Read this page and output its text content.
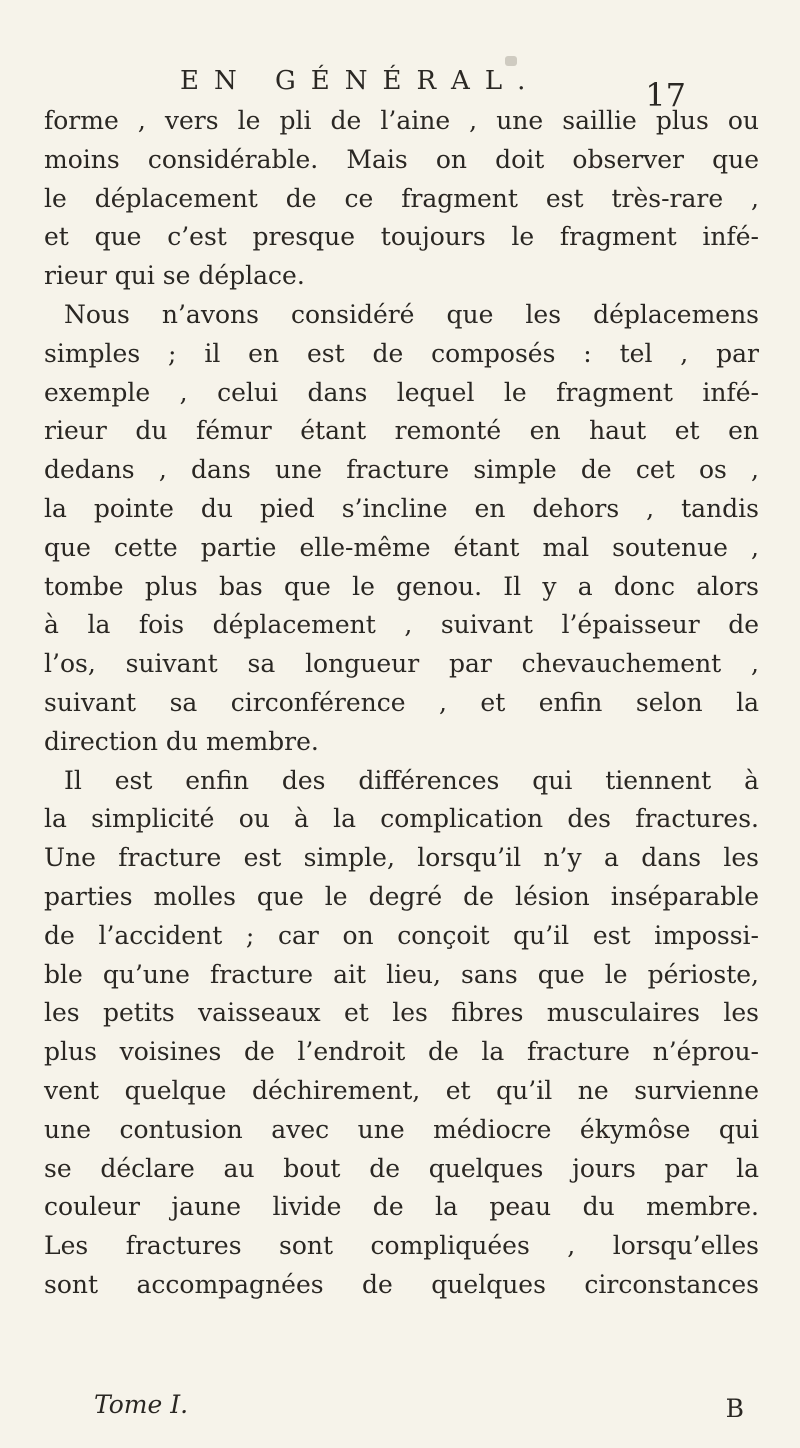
EN GÉNÉRAL.	17
forme , vers le pli de l’aine , une saillie plus ou
moins considérable. Mais on doit observer que
le déplacement de ce fragment est très-rare ,
et que c’est presque toujours le fragment infé-
rieur qui se déplace.
Nous n’avons considéré que les déplacemens
simples ; il en est de composés : tel , par
exemple , celui dans lequel le fragment infé-
rieur du fémur étant remonté en haut et en
dedans , dans une fracture simple de cet os ,
la pointe du pied s’incline en dehors , tandis
que cette partie elle-même étant mal soutenue ,
tombe plus bas que le genou. Il y a donc alors
à la fois déplacement , suivant l’épaisseur de
l’os, suivant sa longueur par chevauchement ,
suivant sa circonférence , et enfin selon la
direction du membre.
Il est enfin des différences qui tiennent à
la simplicité ou à la complication des fractures.
Une fracture est simple, lorsqu’il n’y a dans les
parties molles que le degré de lésion inséparable
de l’accident ; car on conçoit qu’il est impossi-
ble qu’une fracture ait lieu, sans que le périoste,
les petits vaisseaux et les fibres musculaires les
plus voisines de l’endroit de la fracture n’éprou-
vent quelque déchirement, et qu’il ne survienne
une contusion avec une médiocre ékymôse qui
se déclare au bout de quelques jours par la
couleur jaune livide de la peau du membre.
Les fractures sont compliquées , lorsqu’elles
sont accompagnées de quelques circonstances
Tome I.	B
